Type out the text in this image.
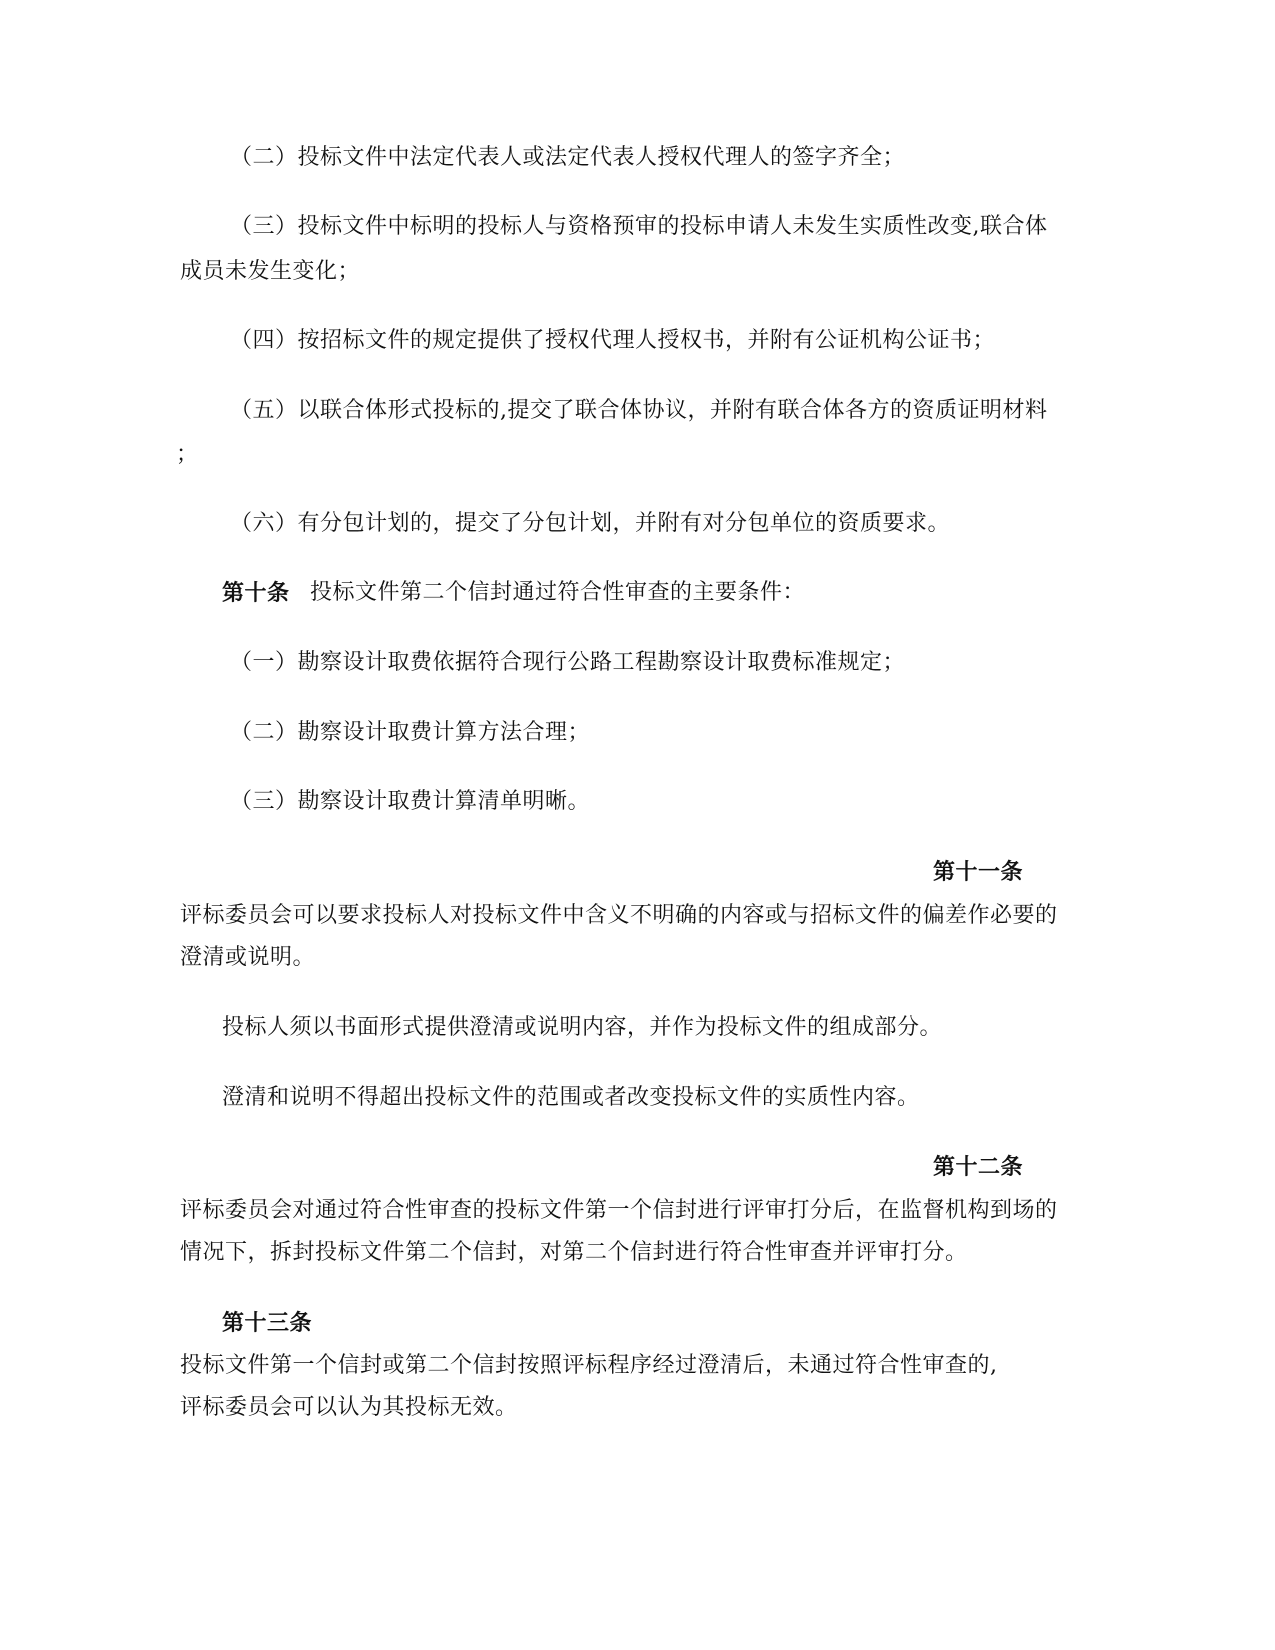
（二）投标文件中法定代表人或法定代表人授权代理人的签字齐全；
（三）投标文件中标明的投标人与资格预审的投标申请人未发生实质性改变,联合体
成员未发生变化；
（四）按招标文件的规定提供了授权代理人授权书，并附有公证机构公证书；
（五）以联合体形式投标的,提交了联合体协议，并附有联合体各方的资质证明材料
；
（六）有分包计划的，提交了分包计划，并附有对分包单位的资质要求。
第十条 投标文件第二个信封通过符合性审查的主要条件：
（一）勘察设计取费依据符合现行公路工程勘察设计取费标准规定；
（二）勘察设计取费计算方法合理；
（三）勘察设计取费计算清单明晰。
第十一条
评标委员会可以要求投标人对投标文件中含义不明确的内容或与招标文件的偏差作必要的
澄清或说明。
投标人须以书面形式提供澄清或说明内容，并作为投标文件的组成部分。
澄清和说明不得超出投标文件的范围或者改变投标文件的实质性内容。
第十二条
评标委员会对通过符合性审查的投标文件第一个信封进行评审打分后，在监督机构到场的
情况下，拆封投标文件第二个信封，对第二个信封进行符合性审查并评审打分。
第十三条
投标文件第一个信封或第二个信封按照评标程序经过澄清后，未通过符合性审查的,
评标委员会可以认为其投标无效。
